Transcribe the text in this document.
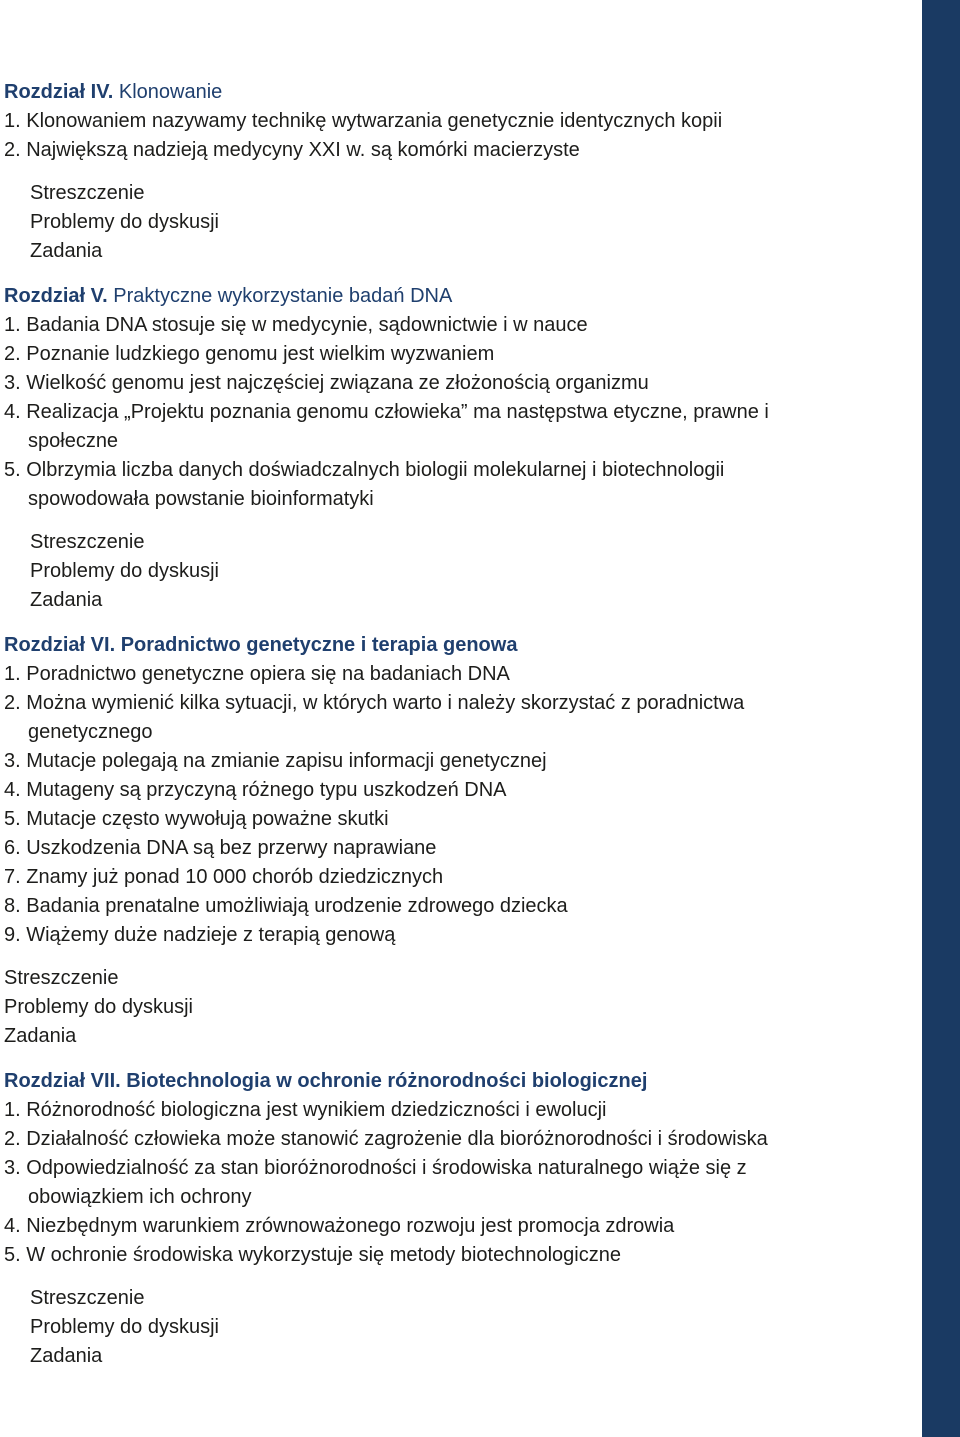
Rozdział IV. Klonowanie

1. Klonowaniem nazywamy technikę wytwarzania genetycznie identycznych kopii

2. Największą nadzieją medycyny XXI w. są komórki macierzyste

Streszczenie
Problemy do dyskusji
Zadania

Rozdział V. Praktyczne wykorzystanie badań DNA

1. Badania DNA stosuje się w medycynie, sądownictwie i w nauce

2. Poznanie ludzkiego genomu jest wielkim wyzwaniem

3. Wielkość genomu jest najczęściej związana ze złożonością organizmu

4. Realizacja „Projektu poznania genomu człowieka” ma następstwa etyczne, prawne i społeczne

5. Olbrzymia liczba danych doświadczalnych biologii molekularnej i biotechnologii spowodowała powstanie bioinformatyki

Streszczenie
Problemy do dyskusji
Zadania

Rozdział VI. Poradnictwo genetyczne i terapia genowa

1. Poradnictwo genetyczne opiera się na badaniach DNA

2. Można wymienić kilka sytuacji, w których warto i należy skorzystać z poradnictwa genetycznego

3. Mutacje polegają na zmianie zapisu informacji genetycznej

4. Mutageny są przyczyną różnego typu uszkodzeń DNA

5. Mutacje często wywołują poważne skutki

6. Uszkodzenia DNA są bez przerwy naprawiane

7. Znamy już ponad 10 000 chorób dziedzicznych

8. Badania prenatalne umożliwiają urodzenie zdrowego dziecka

9. Wiążemy duże nadzieje z terapią genową

Streszczenie
Problemy do dyskusji
Zadania

Rozdział VII. Biotechnologia w ochronie różnorodności biologicznej

1. Różnorodność biologiczna jest wynikiem dziedziczności i ewolucji

2. Działalność człowieka może stanowić zagrożenie dla bioróżnorodności i środowiska

3. Odpowiedzialność za stan bioróżnorodności i środowiska naturalnego wiąże się z obowiązkiem ich ochrony

4. Niezbędnym warunkiem zrównoważonego rozwoju jest promocja zdrowia

5. W ochronie środowiska wykorzystuje się metody biotechnologiczne

Streszczenie
Problemy do dyskusji
Zadania
